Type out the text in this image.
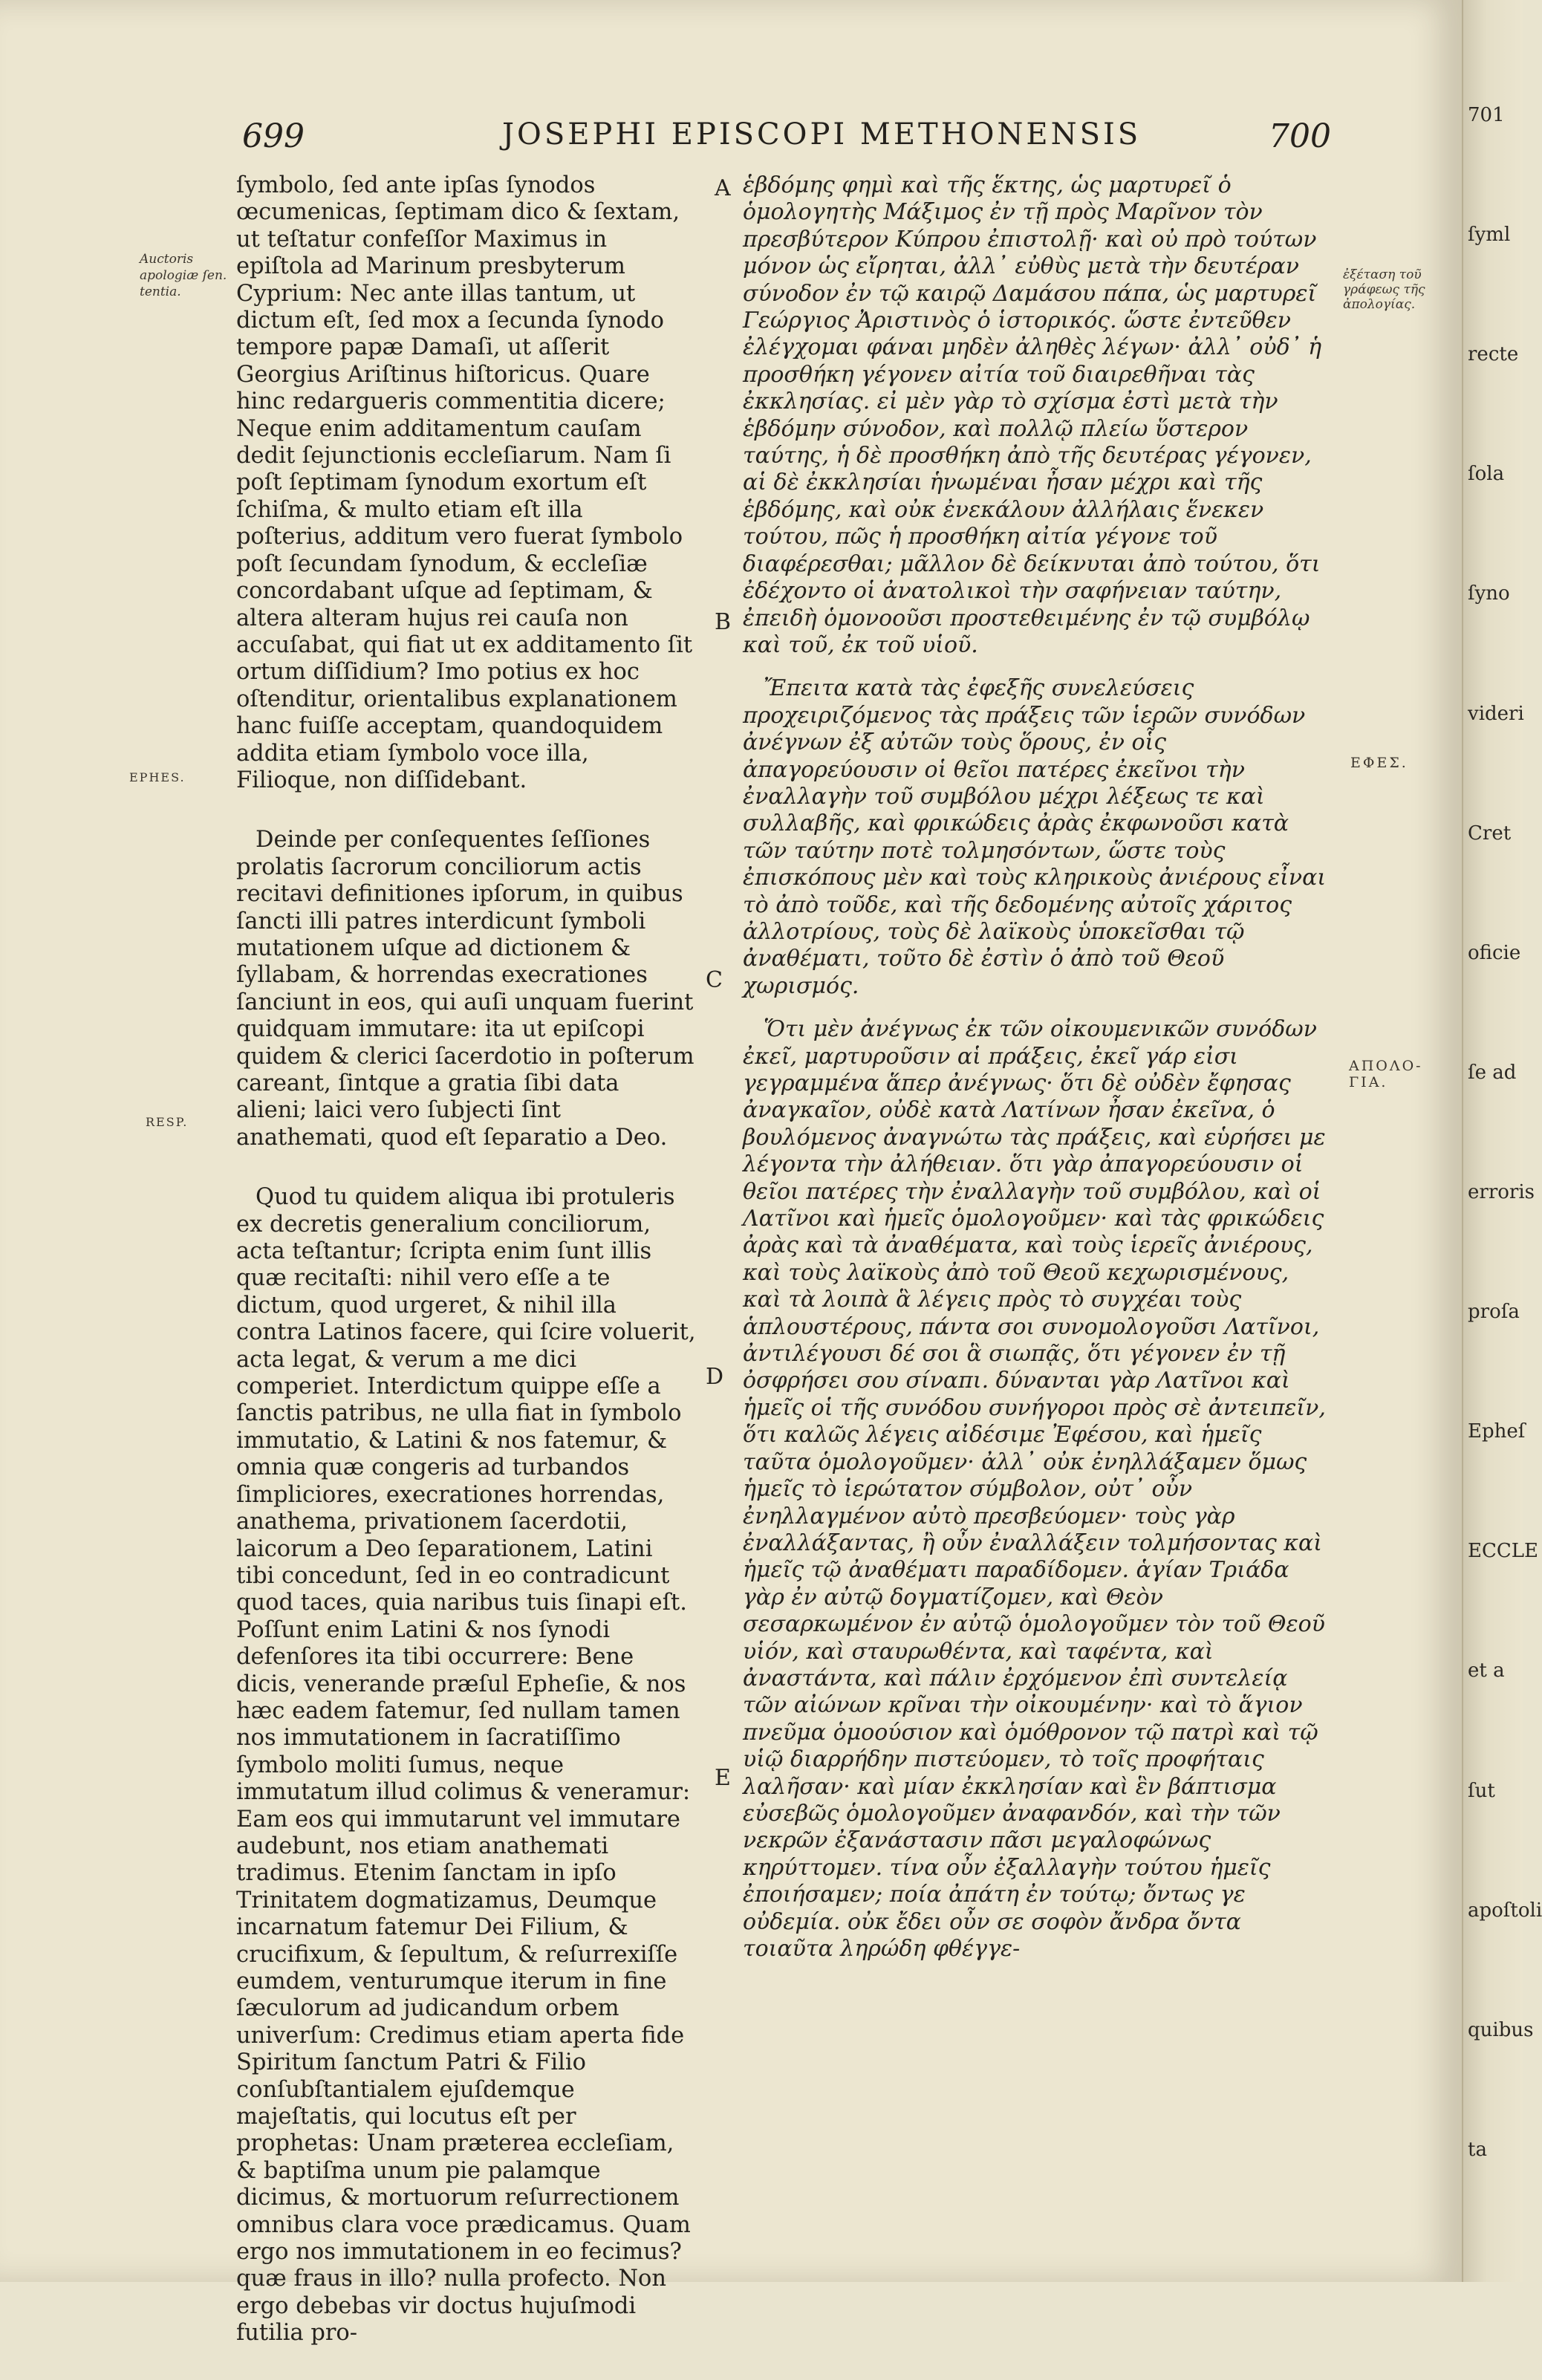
701
ſyml
recte
ſola
ſyno
videri
Cret
oficie
ſe ad
erroris
proſa
Epheſ
ECCLE
et a
ſut
apoſtoli
quibus
ta
699	JOSEPHI EPISCOPI METHONENSIS	700
Auctoris apologiæ ſen. tentia.
EPHES.
RESP.

ſymbolo, ſed ante ipſas ſynodos œcumenicas, ſeptimam dico & ſextam, ut teſtatur confeſſor Maximus in epiſtola ad Marinum presbyterum Cyprium: Nec ante illas tantum, ut dictum eſt, ſed mox a ſecunda ſynodo tempore papæ Damaſi, ut aſſerit Georgius Ariſtinus hiſtoricus. Quare hinc redargueris commentitia dicere; Neque enim additamentum cauſam dedit ſejunctionis eccleſiarum. Nam ſi poſt ſeptimam ſynodum exortum eſt ſchiſma, & multo etiam eſt illa poſterius, additum vero fuerat ſymbolo poſt ſecundam ſynodum, & eccleſiæ concordabant uſque ad ſeptimam, & altera alteram hujus rei cauſa non accuſabat, qui fiat ut ex additamento ſit ortum diſſidium? Imo potius ex hoc oſtenditur, orientalibus explanationem hanc fuiſſe acceptam, quandoquidem addita etiam ſymbolo voce illa, Filioque, non diſſidebant.

Deinde per conſequentes ſeſſiones prolatis ſacrorum conciliorum actis recitavi definitiones ipſorum, in quibus ſancti illi patres interdicunt ſymboli mutationem uſque ad dictionem & ſyllabam, & horrendas execrationes ſanciunt in eos, qui auſi unquam fuerint quidquam immutare: ita ut epiſcopi quidem & clerici ſacerdotio in poſterum careant, ſintque a gratia ſibi data alieni; laici vero ſubjecti ſint anathemati, quod eſt ſeparatio a Deo.

Quod tu quidem aliqua ibi protuleris ex decretis generalium conciliorum, acta teſtantur; ſcripta enim ſunt illis quæ recitaſti: nihil vero eſſe a te dictum, quod urgeret, & nihil illa contra Latinos facere, qui ſcire voluerit, acta legat, & verum a me dici comperiet. Interdictum quippe eſſe a ſanctis patribus, ne ulla fiat in ſymbolo immutatio, & Latini & nos fatemur, & omnia quæ congeris ad turbandos ſimpliciores, execrationes horrendas, anathema, privationem ſacerdotii, laicorum a Deo ſeparationem, Latini tibi concedunt, ſed in eo contradicunt quod taces, quia naribus tuis ſinapi eſt. Poſſunt enim Latini & nos ſynodi defenſores ita tibi occurrere: Bene dicis, venerande præſul Epheſie, & nos hæc eadem fatemur, ſed nullam tamen nos immutationem in ſacratiſſimo ſymbolo moliti ſumus, neque immutatum illud colimus & veneramur: Eam eos qui immutarunt vel immutare audebunt, nos etiam anathemati tradimus. Etenim ſanctam in ipſo Trinitatem dogmatizamus, Deumque incarnatum fatemur Dei Filium, & crucifixum, & ſepultum, & reſurrexiſſe eumdem, venturumque iterum in fine ſæculorum ad judicandum orbem univerſum: Credimus etiam aperta fide Spiritum ſanctum Patri & Filio conſubſtantialem ejuſdemque majeſtatis, qui locutus eſt per prophetas: Unam præterea eccleſiam, & baptiſma unum pie palamque dicimus, & mortuorum reſurrectionem omnibus clara voce prædicamus. Quam ergo nos immutationem in eo fecimus? quæ fraus in illo? nulla profecto. Non ergo debebas vir doctus hujuſmodi futilia pro-

A
B
C
D
E

ἑβδόμης φημὶ καὶ τῆς ἕκτης, ὡς μαρτυρεῖ ὁ ὁμολογητὴς Μάξιμος ἐν τῇ πρὸς Μαρῖνον τὸν πρεσβύτερον Κύπρου ἐπιστολῇ· καὶ οὐ πρὸ τούτων μόνον ὡς εἴρηται, ἀλλ᾽ εὐθὺς μετὰ τὴν δευτέραν σύνοδον ἐν τῷ καιρῷ Δαμάσου πάπα, ὡς μαρτυρεῖ Γεώργιος Ἀριστινὸς ὁ ἱστορικός. ὥστε ἐντεῦθεν ἐλέγχομαι φάναι μηδὲν ἀληθὲς λέγων· ἀλλ᾽ οὐδ᾽ ἡ προσθήκη γέγονεν αἰτία τοῦ διαιρεθῆναι τὰς ἐκκλησίας. εἰ μὲν γὰρ τὸ σχίσμα ἐστὶ μετὰ τὴν ἑβδόμην σύνοδον, καὶ πολλῷ πλείω ὕστερον ταύτης, ἡ δὲ προσθήκη ἀπὸ τῆς δευτέρας γέγονεν, αἱ δὲ ἐκκλησίαι ἡνωμέναι ἦσαν μέχρι καὶ τῆς ἑβδόμης, καὶ οὐκ ἐνεκάλουν ἀλλήλαις ἕνεκεν τούτου, πῶς ἡ προσθήκη αἰτία γέγονε τοῦ διαφέρεσθαι; μᾶλλον δὲ δείκνυται ἀπὸ τούτου, ὅτι ἐδέχοντο οἱ ἀνατολικοὶ τὴν σαφήνειαν ταύτην, ἐπειδὴ ὁμονοοῦσι προστεθειμένης ἐν τῷ συμβόλῳ καὶ τοῦ, ἐκ τοῦ υἱοῦ.

Ἔπειτα κατὰ τὰς ἐφεξῆς συνελεύσεις προχειριζόμενος τὰς πράξεις τῶν ἱερῶν συνόδων ἀνέγνων ἐξ αὐτῶν τοὺς ὅρους, ἐν οἷς ἀπαγορεύουσιν οἱ θεῖοι πατέρες ἐκεῖνοι τὴν ἐναλλαγὴν τοῦ συμβόλου μέχρι λέξεως τε καὶ συλλαβῆς, καὶ φρικώδεις ἀρὰς ἐκφωνοῦσι κατὰ τῶν ταύτην ποτὲ τολμησόντων, ὥστε τοὺς ἐπισκόπους μὲν καὶ τοὺς κληρικοὺς ἀνιέρους εἶναι τὸ ἀπὸ τοῦδε, καὶ τῆς δεδομένης αὐτοῖς χάριτος ἀλλοτρίους, τοὺς δὲ λαϊκοὺς ὑποκεῖσθαι τῷ ἀναθέματι, τοῦτο δὲ ἐστὶν ὁ ἀπὸ τοῦ Θεοῦ χωρισμός.

Ὅτι μὲν ἀνέγνως ἐκ τῶν οἰκουμενικῶν συνόδων ἐκεῖ, μαρτυροῦσιν αἱ πράξεις, ἐκεῖ γάρ εἰσι γεγραμμένα ἅπερ ἀνέγνως· ὅτι δὲ οὐδὲν ἔφησας ἀναγκαῖον, οὐδὲ κατὰ Λατίνων ἦσαν ἐκεῖνα, ὁ βουλόμενος ἀναγνώτω τὰς πράξεις, καὶ εὑρήσει με λέγοντα τὴν ἀλήθειαν. ὅτι γὰρ ἀπαγορεύουσιν οἱ θεῖοι πατέρες τὴν ἐναλλαγὴν τοῦ συμβόλου, καὶ οἱ Λατῖνοι καὶ ἡμεῖς ὁμολογοῦμεν· καὶ τὰς φρικώδεις ἀρὰς καὶ τὰ ἀναθέματα, καὶ τοὺς ἱερεῖς ἀνιέρους, καὶ τοὺς λαϊκοὺς ἀπὸ τοῦ Θεοῦ κεχωρισμένους, καὶ τὰ λοιπὰ ἃ λέγεις πρὸς τὸ συγχέαι τοὺς ἁπλουστέρους, πάντα σοι συνομολογοῦσι Λατῖνοι, ἀντιλέγουσι δέ σοι ἃ σιωπᾷς, ὅτι γέγονεν ἐν τῇ ὀσφρήσει σου σίναπι. δύνανται γὰρ Λατῖνοι καὶ ἡμεῖς οἱ τῆς συνόδου συνήγοροι πρὸς σὲ ἀντειπεῖν, ὅτι καλῶς λέγεις αἰδέσιμε Ἐφέσου, καὶ ἡμεῖς ταῦτα ὁμολογοῦμεν· ἀλλ᾽ οὐκ ἐνηλλάξαμεν ὅμως ἡμεῖς τὸ ἱερώτατον σύμβολον, οὐτ᾽ οὖν ἐνηλλαγμένον αὐτὸ πρεσβεύομεν· τοὺς γὰρ ἐναλλάξαντας, ἢ οὖν ἐναλλάξειν τολμήσοντας καὶ ἡμεῖς τῷ ἀναθέματι παραδίδομεν. ἁγίαν Τριάδα γὰρ ἐν αὐτῷ δογματίζομεν, καὶ Θεὸν σεσαρκωμένον ἐν αὐτῷ ὁμολογοῦμεν τὸν τοῦ Θεοῦ υἱόν, καὶ σταυρωθέντα, καὶ ταφέντα, καὶ ἀναστάντα, καὶ πάλιν ἐρχόμενον ἐπὶ συντελείᾳ τῶν αἰώνων κρῖναι τὴν οἰκουμένην· καὶ τὸ ἅγιον πνεῦμα ὁμοούσιον καὶ ὁμόθρονον τῷ πατρὶ καὶ τῷ υἱῷ διαρρήδην πιστεύομεν, τὸ τοῖς προφήταις λαλῆσαν· καὶ μίαν ἐκκλησίαν καὶ ἓν βάπτισμα εὐσεβῶς ὁμολογοῦμεν ἀναφανδόν, καὶ τὴν τῶν νεκρῶν ἐξανάστασιν πᾶσι μεγαλοφώνως κηρύττομεν. τίνα οὖν ἐξαλλαγὴν τούτου ἡμεῖς ἐποιήσαμεν; ποία ἀπάτη ἐν τούτῳ; ὄντως γε οὐδεμία. οὐκ ἔδει οὖν σε σοφὸν ἄνδρα ὄντα τοιαῦτα ληρώδη φθέγγε-

ἐξέταση τοῦ γράφεως τῆς ἀπολογίας.
ΕΦΕΣ.
ΑΠΟΛΟ-ΓΙΑ.
